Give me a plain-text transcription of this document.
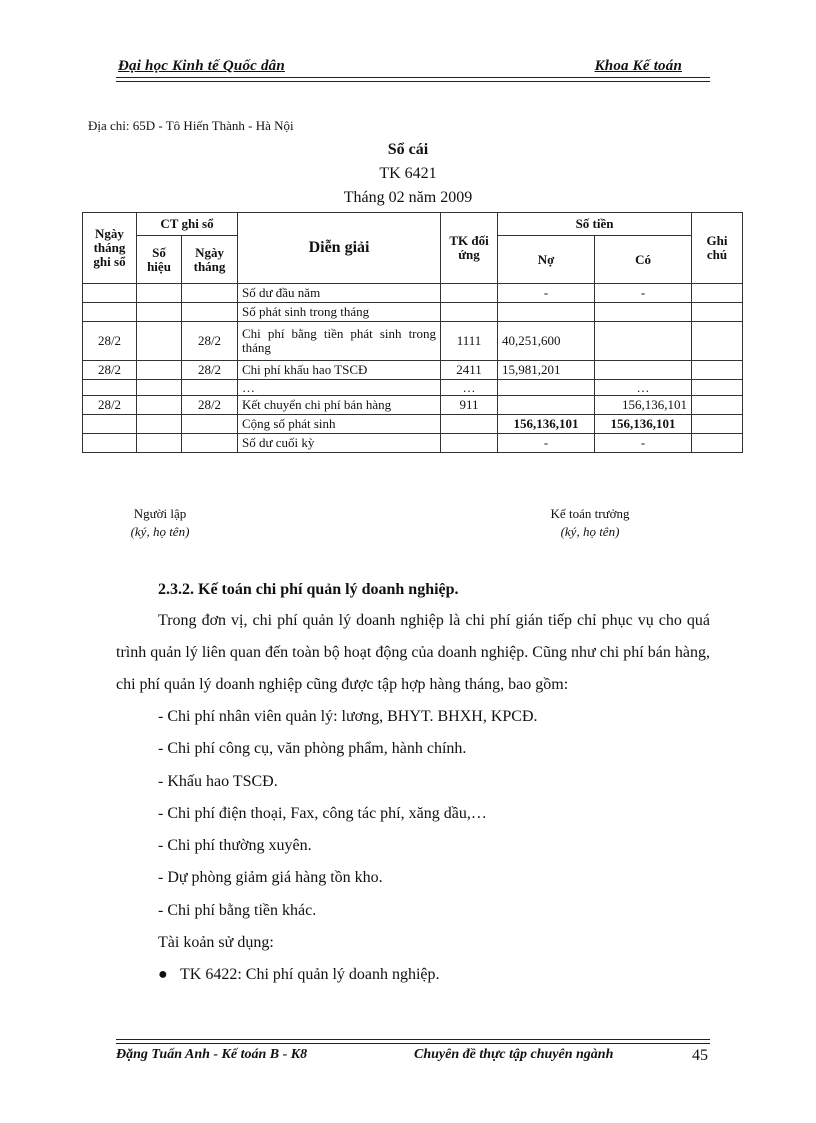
Đại học Kinh tế Quốc dân	Khoa Kế toán
Địa chỉ: 65D - Tô Hiến Thành - Hà Nội
Sổ cái
TK 6421
Tháng 02 năm 2009
Ngày tháng ghi sổ	CT ghi sổ		Diễn giải	TK đối ứng	Số tiền		Ghi chú
	Số hiệu	Ngày tháng			Nợ	Có	
			Số dư đầu năm		-	-	
			Số phát sinh trong tháng				
28/2		28/2	Chi phí bằng tiền phát sinh trong tháng	1111	40,251,600		
28/2		28/2	Chi phí khấu hao TSCĐ	2411	15,981,201		
			…	…		…	
28/2		28/2	Kết chuyển chi phí bán hàng	911		156,136,101	
			Cộng số phát sinh		156,136,101	156,136,101	
			Số dư cuối kỳ		-	-	
Người lập
(ký, họ tên)
Kế toán trưởng
(ký, họ tên)
2.3.2. Kế toán chi phí quản lý doanh nghiệp.

Trong đơn vị, chi phí quản lý doanh nghiệp là chi phí gián tiếp chỉ phục vụ cho quá trình quản lý liên quan đến toàn bộ hoạt động của doanh nghiệp. Cũng như chi phí bán hàng, chi phí quản lý doanh nghiệp cũng được tập hợp hàng tháng, bao gồm:

- Chi phí nhân viên quản lý: lương, BHYT. BHXH, KPCĐ.
- Chi phí công cụ, văn phòng phẩm, hành chính.
- Khấu hao TSCĐ.
- Chi phí điện thoại, Fax, công tác phí, xăng dầu,…
- Chi phí thường xuyên.
- Dự phòng giảm giá hàng tồn kho.
- Chi phí bằng tiền khác.
Tài koản sử dụng:
● TK 6422: Chi phí quản lý doanh nghiệp.
Đặng Tuấn Anh - Kế toán B - K8	Chuyên đề thực tập chuyên ngành	45
